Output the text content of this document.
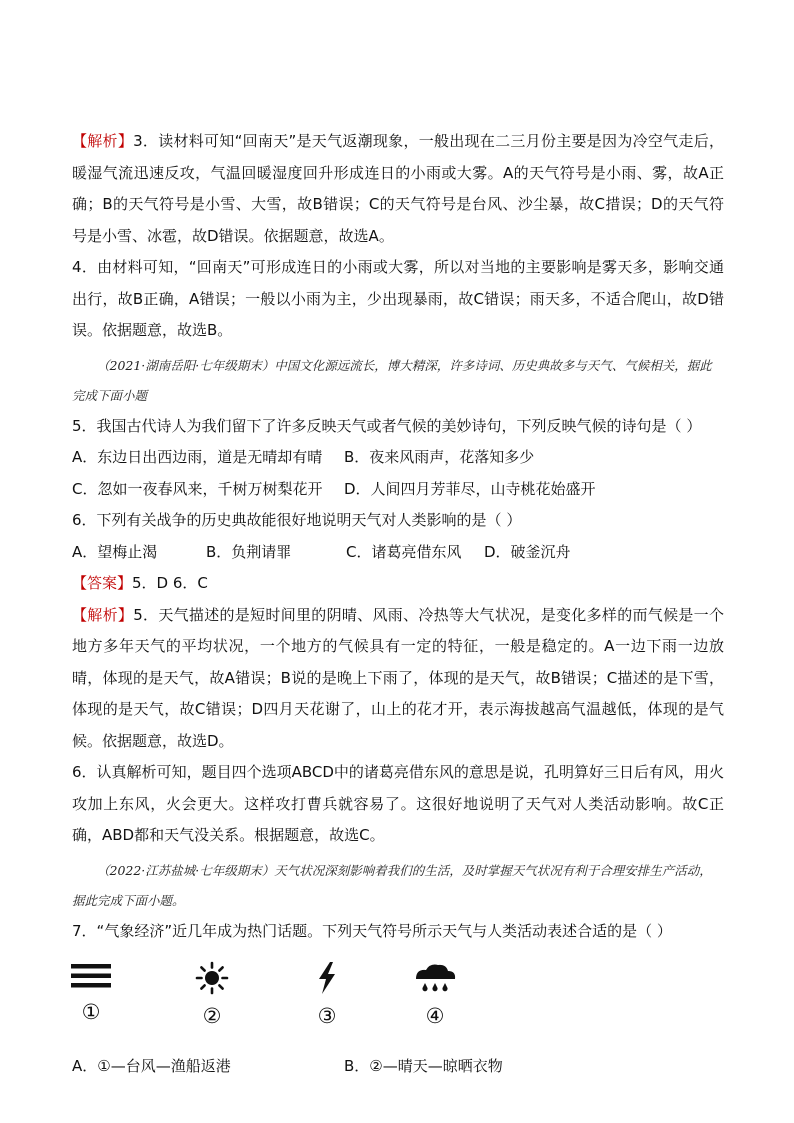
【解析】3．读材料可知“回南天”是天气返潮现象，一般出现在二三月份主要是因为冷空气走后，暖湿气流迅速反攻，气温回暖湿度回升形成连日的小雨或大雾。A的天气符号是小雨、雾，故A正确；B的天气符号是小雪、大雪，故B错误；C的天气符号是台风、沙尘暴，故C措误；D的天气符号是小雪、冰雹，故D错误。依据题意，故选A。

4．由材料可知，“回南天”可形成连日的小雨或大雾，所以对当地的主要影响是雾天多，影响交通出行，故B正确，A错误；一般以小雨为主，少出现暴雨，故C错误；雨天多，不适合爬山，故D错误。依据题意，故选B。

（2021·湖南岳阳·七年级期末）中国文化源远流长，博大精深，许多诗词、历史典故多与天气、气候相关，据此完成下面小题

5．我国古代诗人为我们留下了许多反映天气或者气候的美妙诗句，下列反映气候的诗句是（ ）

A．东边日出西边雨，道是无晴却有晴	B．夜来风雨声，花落知多少
C．忽如一夜春风来，千树万树梨花开	D．人间四月芳菲尽，山寺桃花始盛开

6．下列有关战争的历史典故能很好地说明天气对人类影响的是（ ）

A．望梅止渴	B．负荆请罪	C．诸葛亮借东风	D．破釜沉舟

【答案】5．D 6．C

【解析】5．天气描述的是短时间里的阴晴、风雨、冷热等大气状况，是变化多样的而气候是一个地方多年天气的平均状况，一个地方的气候具有一定的特征，一般是稳定的。A一边下雨一边放晴，体现的是天气，故A错误；B说的是晚上下雨了，体现的是天气，故B错误；C描述的是下雪，体现的是天气，故C错误；D四月天花谢了，山上的花才开，表示海拔越高气温越低，体现的是气候。依据题意，故选D。

6．认真解析可知，题目四个选项ABCD中的诸葛亮借东风的意思是说，孔明算好三日后有风，用火攻加上东风，火会更大。这样攻打曹兵就容易了。这很好地说明了天气对人类活动影响。故C正确，ABD都和天气没关系。根据题意，故选C。

（2022·江苏盐城·七年级期末）天气状况深刻影响着我们的生活，及时掌握天气状况有利于合理安排生产活动，据此完成下面小题。

7．“气象经济”近几年成为热门话题。下列天气符号所示天气与人类活动表述合适的是（ ）

①	②	③	④
A．①—台风—渔船返港	B．②—晴天—晾晒衣物
